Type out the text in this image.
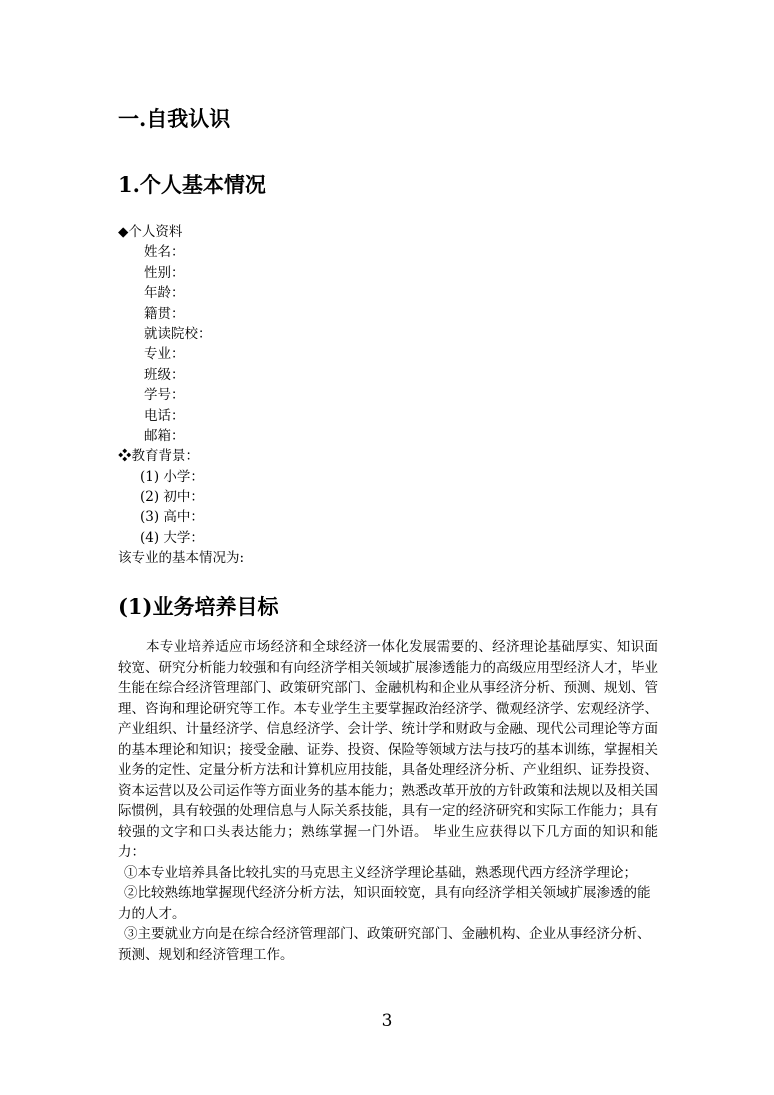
一.自我认识
1.个人基本情况
◆个人资料
姓名：
性别：
年龄：
籍贯：
就读院校：
专业：
班级：
学号：
电话：
邮箱：
❖教育背景：
(1) 小学：
(2) 初中：
(3) 高中：
(4) 大学：
该专业的基本情况为:
(1)业务培养目标

本专业培养适应市场经济和全球经济一体化发展需要的、经济理论基础厚实、知识面较宽、研究分析能力较强和有向经济学相关领域扩展渗透能力的高级应用型经济人才，毕业生能在综合经济管理部门、政策研究部门、金融机构和企业从事经济分析、预测、规划、管理、咨询和理论研究等工作。本专业学生主要掌握政治经济学、微观经济学、宏观经济学、产业组织、计量经济学、信息经济学、会计学、统计学和财政与金融、现代公司理论等方面的基本理论和知识；接受金融、证券、投资、保险等领域方法与技巧的基本训练，掌握相关业务的定性、定量分析方法和计算机应用技能，具备处理经济分析、产业组织、证券投资、资本运营以及公司运作等方面业务的基本能力；熟悉改革开放的方针政策和法规以及相关国际惯例，具有较强的处理信息与人际关系技能，具有一定的经济研究和实际工作能力；具有较强的文字和口头表达能力；熟练掌握一门外语。 毕业生应获得以下几方面的知识和能力：

①本专业培养具备比较扎实的马克思主义经济学理论基础，熟悉现代西方经济学理论；

②比较熟练地掌握现代经济分析方法，知识面较宽，具有向经济学相关领域扩展渗透的能力的人才。

③主要就业方向是在综合经济管理部门、政策研究部门、金融机构、企业从事经济分析、预测、规划和经济管理工作。

3
